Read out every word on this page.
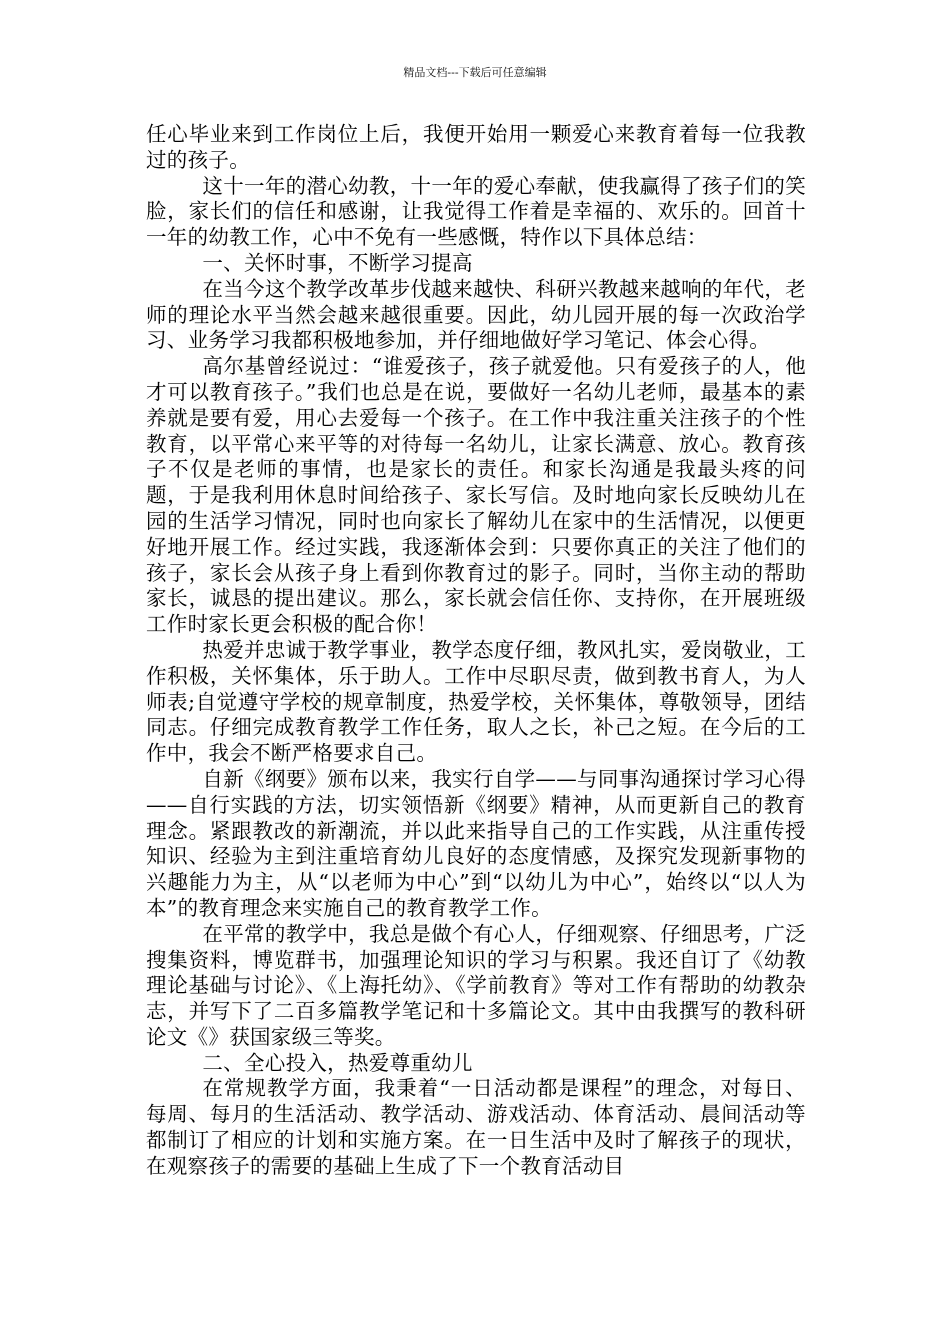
精品文档---下载后可任意编辑

任心毕业来到工作岗位上后，我便开始用一颗爱心来教育着每一位我教过的孩子。

这十一年的潜心幼教，十一年的爱心奉献，使我赢得了孩子们的笑脸，家长们的信任和感谢，让我觉得工作着是幸福的、欢乐的。回首十一年的幼教工作，心中不免有一些感慨，特作以下具体总结：

一、关怀时事，不断学习提高

在当今这个教学改革步伐越来越快、科研兴教越来越响的年代，老师的理论水平当然会越来越很重要。因此，幼儿园开展的每一次政治学习、业务学习我都积极地参加，并仔细地做好学习笔记、体会心得。

高尔基曾经说过：“谁爱孩子，孩子就爱他。只有爱孩子的人，他才可以教育孩子。”我们也总是在说，要做好一名幼儿老师，最基本的素养就是要有爱，用心去爱每一个孩子。在工作中我注重关注孩子的个性教育，以平常心来平等的对待每一名幼儿，让家长满意、放心。教育孩子不仅是老师的事情，也是家长的责任。和家长沟通是我最头疼的问题，于是我利用休息时间给孩子、家长写信。及时地向家长反映幼儿在园的生活学习情况，同时也向家长了解幼儿在家中的生活情况，以便更好地开展工作。经过实践，我逐渐体会到：只要你真正的关注了他们的孩子，家长会从孩子身上看到你教育过的影子。同时，当你主动的帮助家长，诚恳的提出建议。那么，家长就会信任你、支持你，在开展班级工作时家长更会积极的配合你！

热爱并忠诚于教学事业，教学态度仔细，教风扎实，爱岗敬业，工作积极，关怀集体，乐于助人。工作中尽职尽责，做到教书育人，为人师表;自觉遵守学校的规章制度，热爱学校，关怀集体，尊敬领导，团结同志。仔细完成教育教学工作任务，取人之长，补己之短。在今后的工作中，我会不断严格要求自己。

自新《纲要》颁布以来，我实行自学——与同事沟通探讨学习心得——自行实践的方法，切实领悟新《纲要》精神，从而更新自己的教育理念。紧跟教改的新潮流，并以此来指导自己的工作实践，从注重传授知识、经验为主到注重培育幼儿良好的态度情感，及探究发现新事物的兴趣能力为主，从“以老师为中心”到“以幼儿为中心”，始终以“以人为本”的教育理念来实施自己的教育教学工作。

在平常的教学中，我总是做个有心人，仔细观察、仔细思考，广泛搜集资料，博览群书，加强理论知识的学习与积累。我还自订了《幼教理论基础与讨论》、《上海托幼》、《学前教育》等对工作有帮助的幼教杂志，并写下了二百多篇教学笔记和十多篇论文。其中由我撰写的教科研论文《》获国家级三等奖。

二、全心投入，热爱尊重幼儿

在常规教学方面，我秉着“一日活动都是课程”的理念，对每日、每周、每月的生活活动、教学活动、游戏活动、体育活动、晨间活动等都制订了相应的计划和实施方案。在一日生活中及时了解孩子的现状，在观察孩子的需要的基础上生成了下一个教育活动目
